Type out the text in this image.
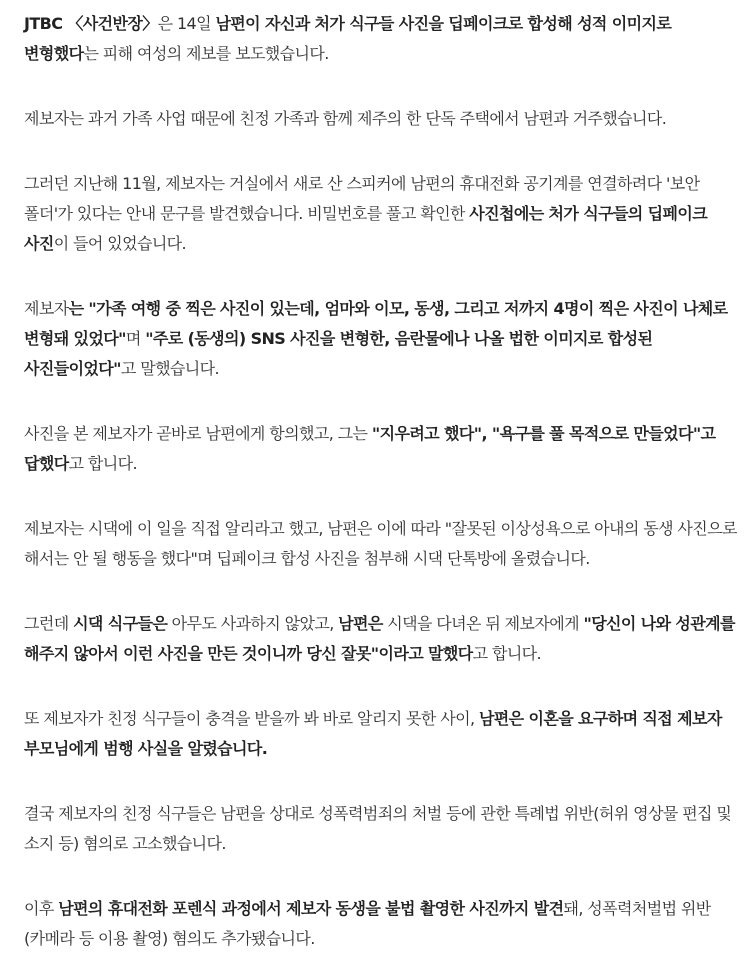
JTBC 〈사건반장〉은 14일 남편이 자신과 처가 식구들 사진을 딥페이크로 합성해 성적 이미지로 변형했다는 피해 여성의 제보를 보도했습니다.

제보자는 과거 가족 사업 때문에 친정 가족과 함께 제주의 한 단독 주택에서 남편과 거주했습니다.

그러던 지난해 11월, 제보자는 거실에서 새로 산 스피커에 남편의 휴대전화 공기계를 연결하려다 '보안 폴더'가 있다는 안내 문구를 발견했습니다. 비밀번호를 풀고 확인한 사진첩에는 처가 식구들의 딥페이크 사진이 들어 있었습니다.

제보자는 "가족 여행 중 찍은 사진이 있는데, 엄마와 이모, 동생, 그리고 저까지 4명이 찍은 사진이 나체로 변형돼 있었다"며 "주로 (동생의) SNS 사진을 변형한, 음란물에나 나올 법한 이미지로 합성된 사진들이었다"고 말했습니다.

사진을 본 제보자가 곧바로 남편에게 항의했고, 그는 "지우려고 했다", "욕구를 풀 목적으로 만들었다"고 답했다고 합니다.

제보자는 시댁에 이 일을 직접 알리라고 했고, 남편은 이에 따라 "잘못된 이상성욕으로 아내의 동생 사진으로 해서는 안 될 행동을 했다"며 딥페이크 합성 사진을 첨부해 시댁 단톡방에 올렸습니다.

그런데 시댁 식구들은 아무도 사과하지 않았고, 남편은 시댁을 다녀온 뒤 제보자에게 "당신이 나와 성관계를 해주지 않아서 이런 사진을 만든 것이니까 당신 잘못"이라고 말했다고 합니다.

또 제보자가 친정 식구들이 충격을 받을까 봐 바로 알리지 못한 사이, 남편은 이혼을 요구하며 직접 제보자 부모님에게 범행 사실을 알렸습니다.

결국 제보자의 친정 식구들은 남편을 상대로 성폭력범죄의 처벌 등에 관한 특례법 위반(허위 영상물 편집 및 소지 등) 혐의로 고소했습니다.

이후 남편의 휴대전화 포렌식 과정에서 제보자 동생을 불법 촬영한 사진까지 발견돼, 성폭력처벌법 위반(카메라 등 이용 촬영) 혐의도 추가됐습니다.
